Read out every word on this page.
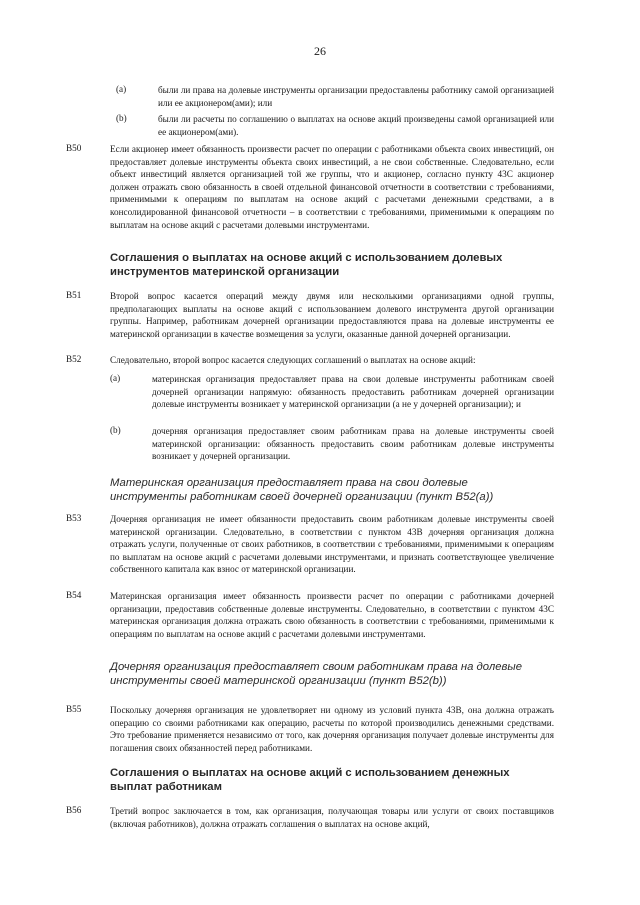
26
(a)	были ли права на долевые инструменты организации предоставлены работнику самой организацией или ее акционером(ами); или
(b)	были ли расчеты по соглашению о выплатах на основе акций произведены самой организацией или ее акционером(ами).
B50	Если акционер имеет обязанность произвести расчет по операции с работниками объекта своих инвестиций, он предоставляет долевые инструменты объекта своих инвестиций, а не свои собственные. Следовательно, если объект инвестиций является организацией той же группы, что и акционер, согласно пункту 43C акционер должен отражать свою обязанность в своей отдельной финансовой отчетности в соответствии с требованиями, применимыми к операциям по выплатам на основе акций с расчетами денежными средствами, а в консолидированной финансовой отчетности – в соответствии с требованиями, применимыми к операциям по выплатам на основе акций с расчетами долевыми инструментами.
Соглашения о выплатах на основе акций с использованием долевых инструментов материнской организации
B51	Второй вопрос касается операций между двумя или несколькими организациями одной группы, предполагающих выплаты на основе акций с использованием долевого инструмента другой организации группы. Например, работникам дочерней организации предоставляются права на долевые инструменты ее материнской организации в качестве возмещения за услуги, оказанные данной дочерней организации.
B52	Следовательно, второй вопрос касается следующих соглашений о выплатах на основе акций:
(a)	материнская организация предоставляет права на свои долевые инструменты работникам своей дочерней организации напрямую: обязанность предоставить работникам дочерней организации долевые инструменты возникает у материнской организации (а не у дочерней организации); и
(b)	дочерняя организация предоставляет своим работникам права на долевые инструменты своей материнской организации: обязанность предоставить своим работникам долевые инструменты возникает у дочерней организации.
Материнская организация предоставляет права на свои долевые инструменты работникам своей дочерней организации (пункт B52(a))
B53	Дочерняя организация не имеет обязанности предоставить своим работникам долевые инструменты своей материнской организации. Следовательно, в соответствии с пунктом 43B дочерняя организация должна отражать услуги, полученные от своих работников, в соответствии с требованиями, применимыми к операциям по выплатам на основе акций с расчетами долевыми инструментами, и признать соответствующее увеличение собственного капитала как взнос от материнской организации.
B54	Материнская организация имеет обязанность произвести расчет по операции с работниками дочерней организации, предоставив собственные долевые инструменты. Следовательно, в соответствии с пунктом 43C материнская организация должна отражать свою обязанность в соответствии с требованиями, применимыми к операциям по выплатам на основе акций с расчетами долевыми инструментами.
Дочерняя организация предоставляет своим работникам права на долевые инструменты своей материнской организации (пункт B52(b))
B55	Поскольку дочерняя организация не удовлетворяет ни одному из условий пункта 43B, она должна отражать операцию со своими работниками как операцию, расчеты по которой производились денежными средствами. Это требование применяется независимо от того, как дочерняя организация получает долевые инструменты для погашения своих обязанностей перед работниками.
Соглашения о выплатах на основе акций с использованием денежных выплат работникам
B56	Третий вопрос заключается в том, как организация, получающая товары или услуги от своих поставщиков (включая работников), должна отражать соглашения о выплатах на основе акций,
